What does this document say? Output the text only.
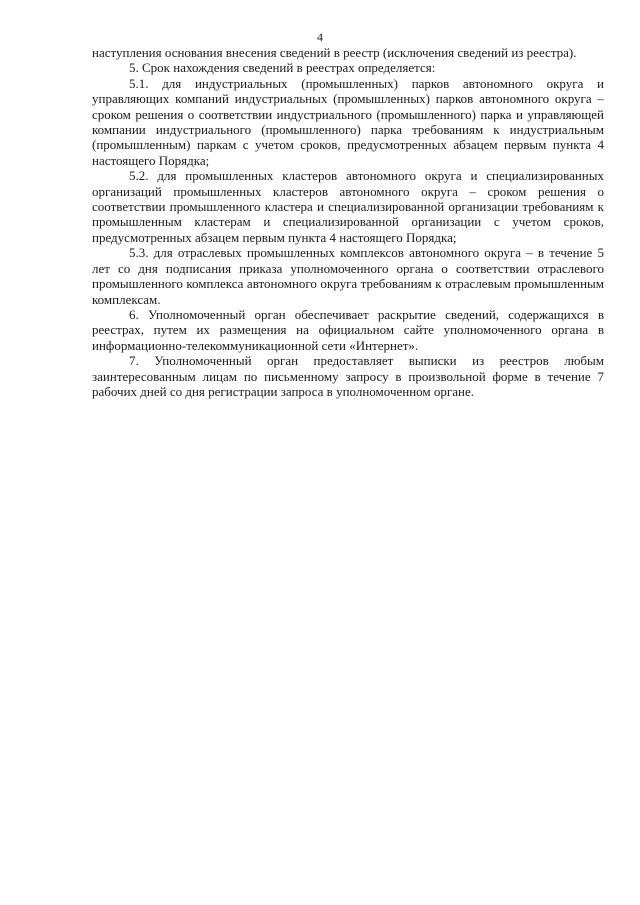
4

наступления основания внесения сведений в реестр (исключения сведений из реестра).

5. Срок нахождения сведений в реестрах определяется:

5.1. для индустриальных (промышленных) парков автономного округа и управляющих компаний индустриальных (промышленных) парков автономного округа – сроком решения о соответствии индустриального (промышленного) парка и управляющей компании индустриального (промышленного) парка требованиям к индустриальным (промышленным) паркам с учетом сроков, предусмотренных абзацем первым пункта 4 настоящего Порядка;

5.2. для промышленных кластеров автономного округа и специализированных организаций промышленных кластеров автономного округа – сроком решения о соответствии промышленного кластера и специализированной организации требованиям к промышленным кластерам и специализированной организации с учетом сроков, предусмотренных абзацем первым пункта 4 настоящего Порядка;

5.3. для отраслевых промышленных комплексов автономного округа – в течение 5 лет со дня подписания приказа уполномоченного органа о соответствии отраслевого промышленного комплекса автономного округа требованиям к отраслевым промышленным комплексам.

6. Уполномоченный орган обеспечивает раскрытие сведений, содержащихся в реестрах, путем их размещения на официальном сайте уполномоченного органа в информационно-телекоммуникационной сети «Интернет».

7. Уполномоченный орган предоставляет выписки из реестров любым заинтересованным лицам по письменному запросу в произвольной форме в течение 7 рабочих дней со дня регистрации запроса в уполномоченном органе.
